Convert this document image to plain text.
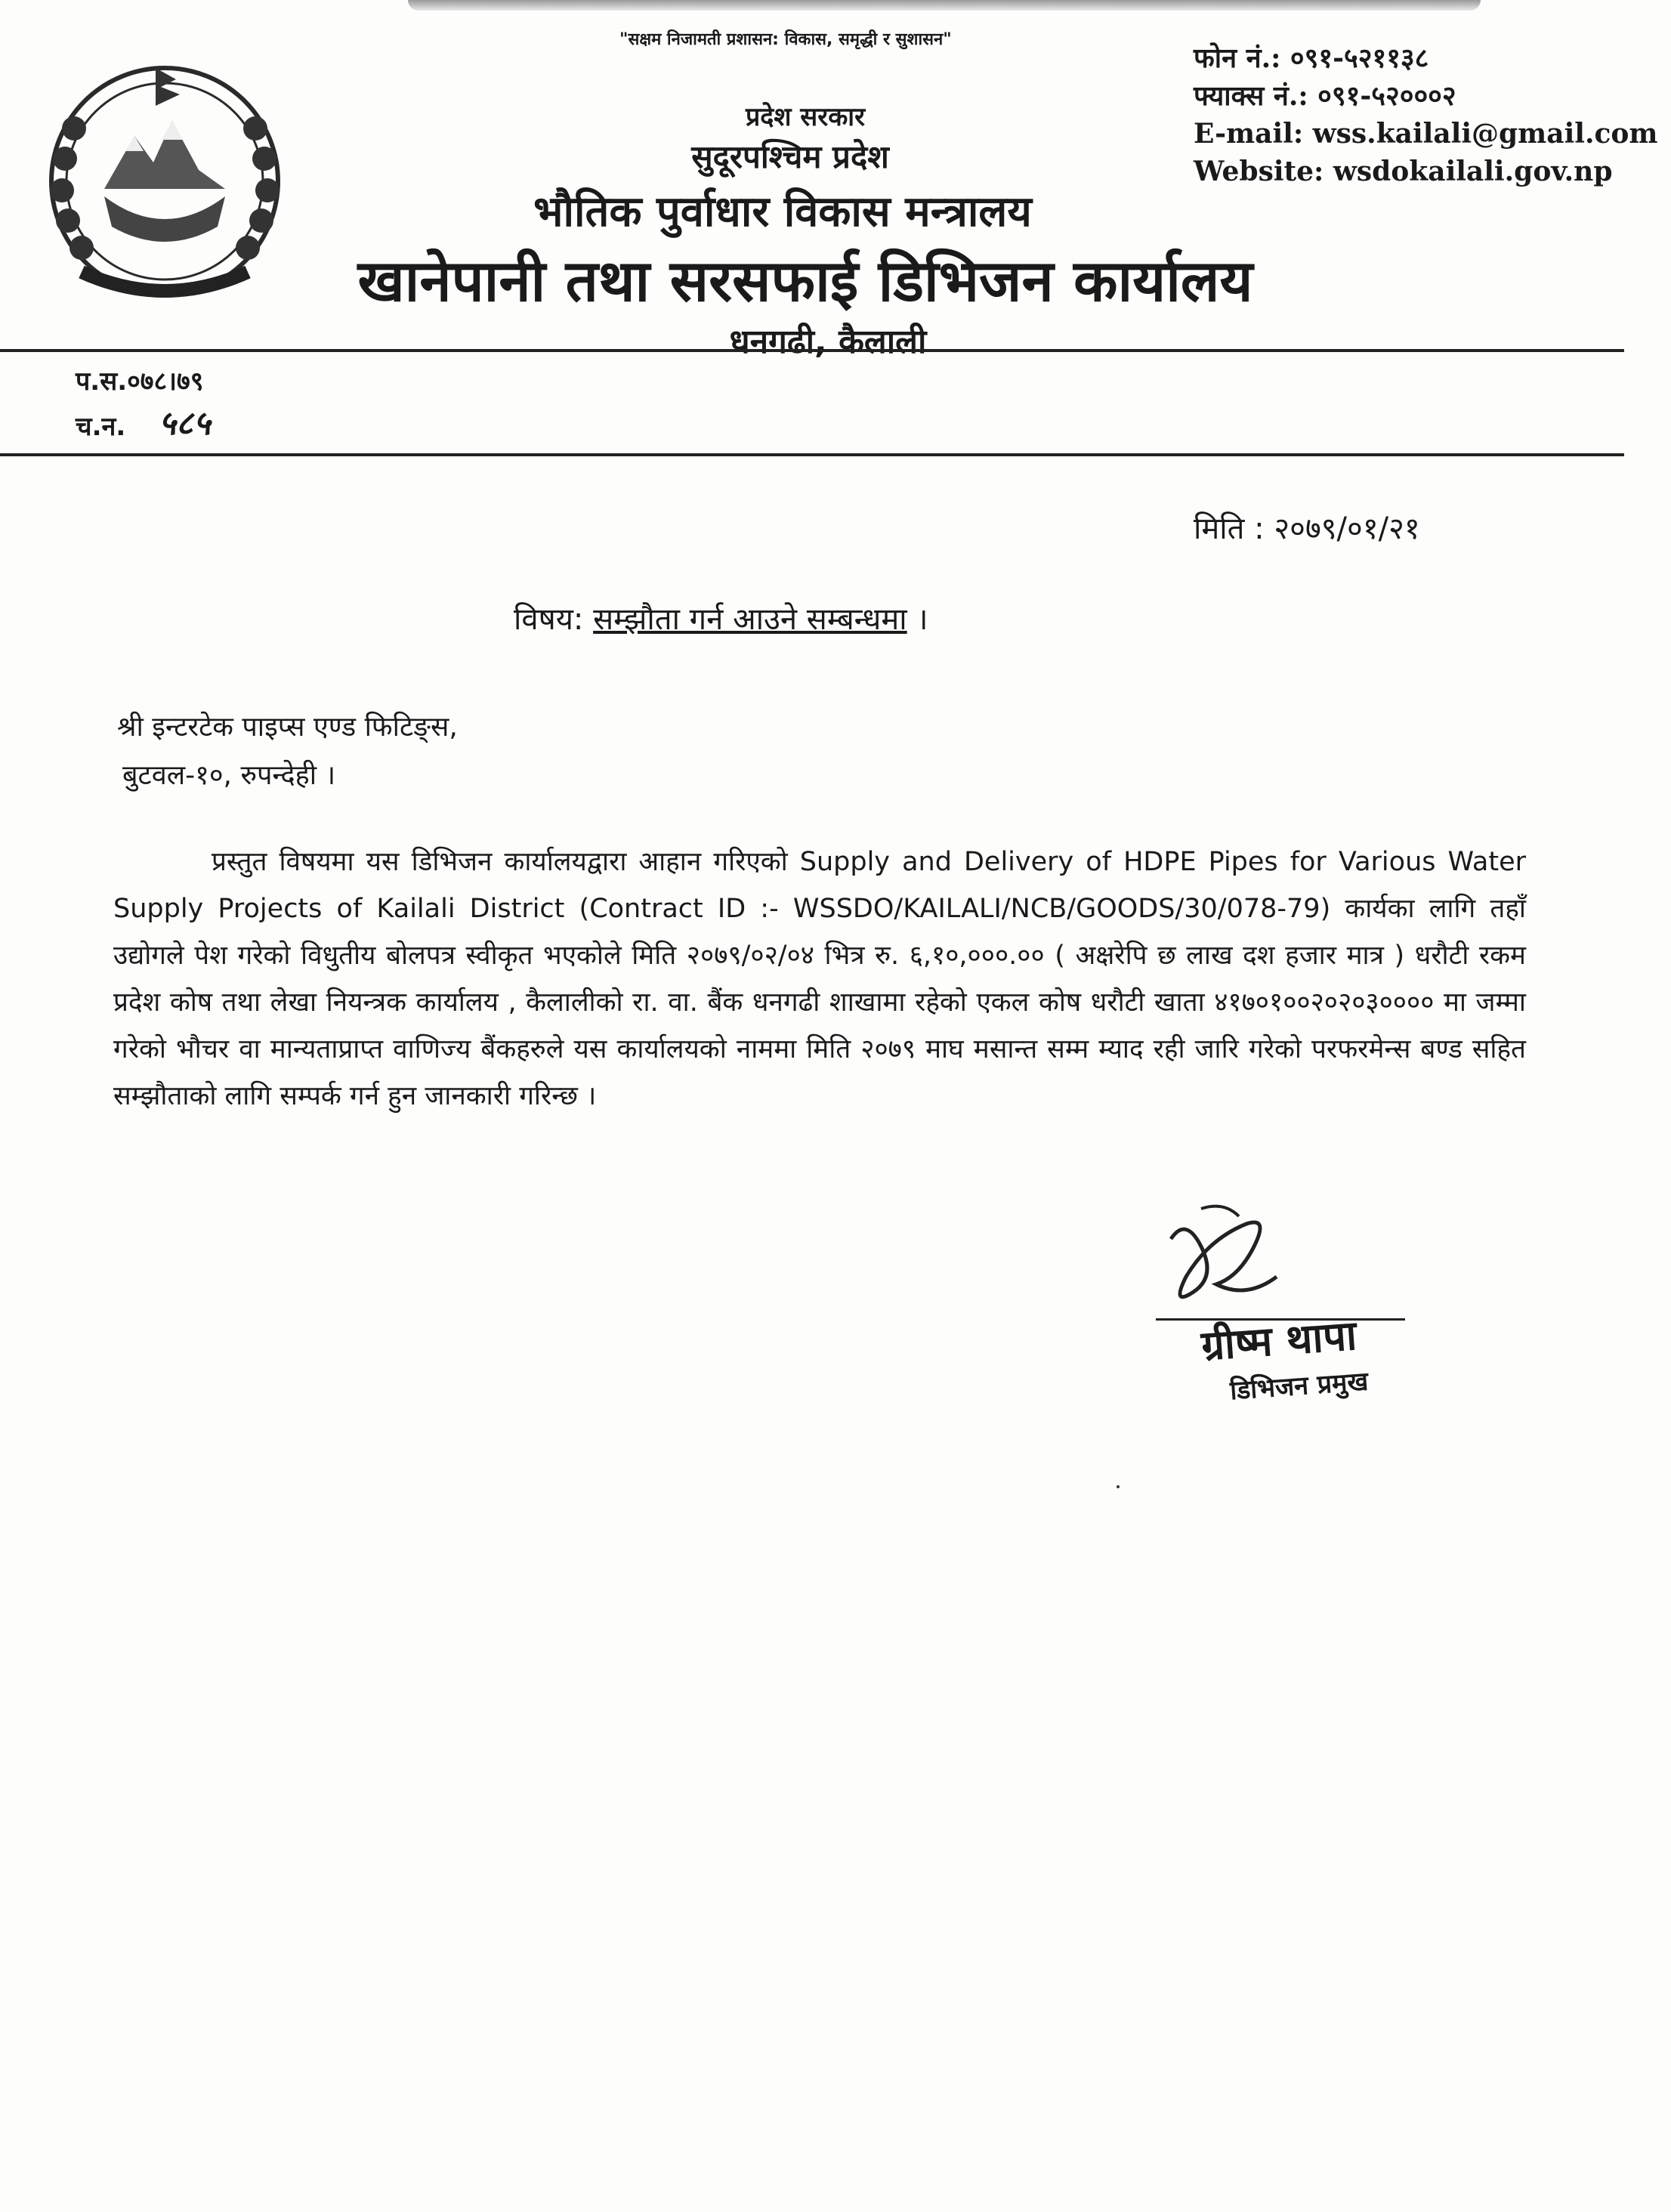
"सक्षम निजामती प्रशासन: विकास, समृद्धी र सुशासन"
फोन नं.: ०९१-५२११३८
फ्याक्स नं.: ०९१-५२०००२
E-mail: wss.kailali@gmail.com
Website: wsdokailali.gov.np
प्रदेश सरकार
सुदूरपश्चिम प्रदेश
भौतिक पुर्वाधार विकास मन्त्रालय
खानेपानी तथा सरसफाई डिभिजन कार्यालय
धनगढी, कैलाली
प.स.०७८।७९
च.न. ५८५
मिति : २०७९/०१/२१
विषय: सम्झौता गर्न आउने सम्बन्धमा ।
श्री इन्टरटेक पाइप्स एण्ड फिटिङ्स,
बुटवल-१०, रुपन्देही ।
प्रस्तुत विषयमा यस डिभिजन कार्यालयद्वारा आहान गरिएको Supply and Delivery of HDPE Pipes for Various Water Supply Projects of Kailali District (Contract ID :- WSSDO/KAILALI/NCB/GOODS/30/078-79) कार्यका लागि तहाँ उद्योगले पेश गरेको विधुतीय बोलपत्र स्वीकृत भएकोले मिति २०७९/०२/०४ भित्र रु. ६,१०,०००.०० ( अक्षरेपि छ लाख दश हजार मात्र ) धरौटी रकम प्रदेश कोष तथा लेखा नियन्त्रक कार्यालय , कैलालीको रा. वा. बैंक धनगढी शाखामा रहेको एकल कोष धरौटी खाता ४१७०१००२०२०३०००० मा जम्मा गरेको भौचर वा मान्यताप्राप्त वाणिज्य बैंकहरुले यस कार्यालयको नाममा मिति २०७९ माघ मसान्त सम्म म्याद रही जारि गरेको परफरमेन्स बण्ड सहित सम्झौताको लागि सम्पर्क गर्न हुन जानकारी गरिन्छ ।
ग्रीष्म थापा
डिभिजन प्रमुख
